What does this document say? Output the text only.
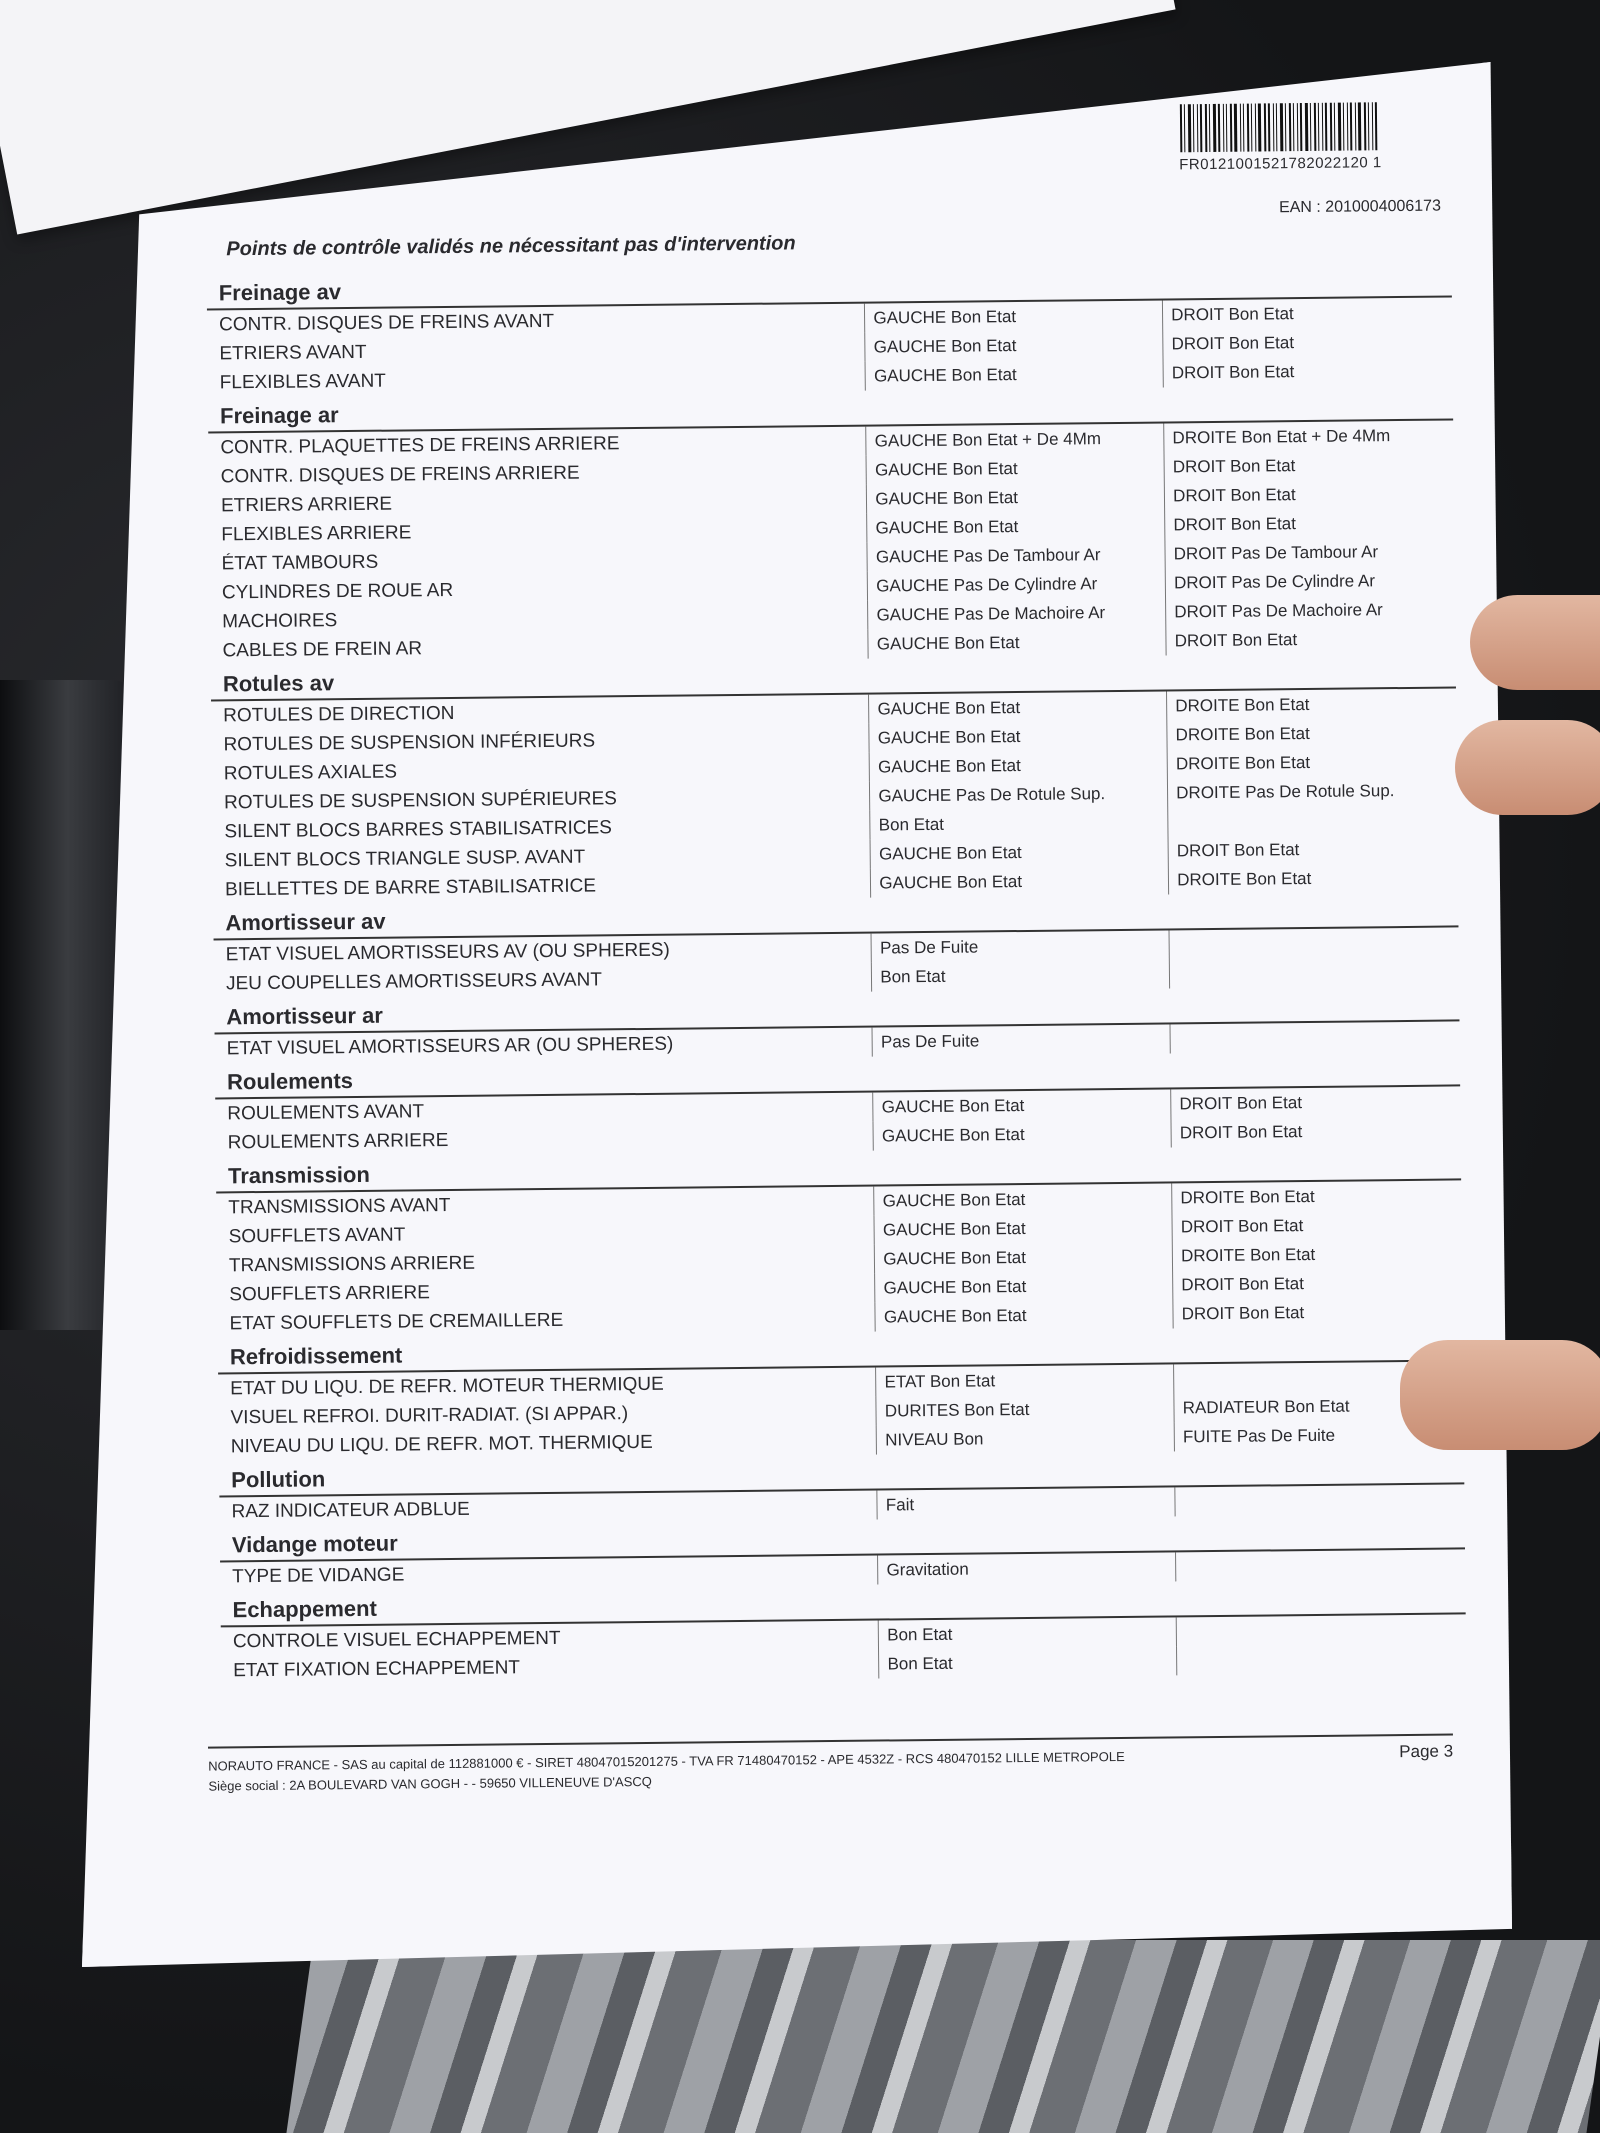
FR0121001521782022120 1
EAN : 2010004006173
Points de contrôle validés ne nécessitant pas d'intervention
Freinage av
CONTR. DISQUES DE FREINS AVANT	GAUCHE Bon Etat	DROIT Bon Etat
ETRIERS AVANT	GAUCHE Bon Etat	DROIT Bon Etat
FLEXIBLES AVANT	GAUCHE Bon Etat	DROIT Bon Etat
Freinage ar
CONTR. PLAQUETTES DE FREINS ARRIERE	GAUCHE Bon Etat + De 4Mm	DROITE Bon Etat + De 4Mm
CONTR. DISQUES DE FREINS ARRIERE	GAUCHE Bon Etat	DROIT Bon Etat
ETRIERS ARRIERE	GAUCHE Bon Etat	DROIT Bon Etat
FLEXIBLES ARRIERE	GAUCHE Bon Etat	DROIT Bon Etat
ÉTAT TAMBOURS	GAUCHE Pas De Tambour Ar	DROIT Pas De Tambour Ar
CYLINDRES DE ROUE AR	GAUCHE Pas De Cylindre Ar	DROIT Pas De Cylindre Ar
MACHOIRES	GAUCHE Pas De Machoire Ar	DROIT Pas De Machoire Ar
CABLES DE FREIN AR	GAUCHE Bon Etat	DROIT Bon Etat
Rotules av
ROTULES DE DIRECTION	GAUCHE Bon Etat	DROITE Bon Etat
ROTULES DE SUSPENSION INFÉRIEURS	GAUCHE Bon Etat	DROITE Bon Etat
ROTULES AXIALES	GAUCHE Bon Etat	DROITE Bon Etat
ROTULES DE SUSPENSION SUPÉRIEURES	GAUCHE Pas De Rotule Sup.	DROITE Pas De Rotule Sup.
SILENT BLOCS BARRES STABILISATRICES	Bon Etat
SILENT BLOCS TRIANGLE SUSP. AVANT	GAUCHE Bon Etat	DROIT Bon Etat
BIELLETTES DE BARRE STABILISATRICE	GAUCHE Bon Etat	DROITE Bon Etat
Amortisseur av
ETAT VISUEL AMORTISSEURS AV (OU SPHERES)	Pas De Fuite
JEU COUPELLES AMORTISSEURS AVANT	Bon Etat
Amortisseur ar
ETAT VISUEL AMORTISSEURS AR (OU SPHERES)	Pas De Fuite
Roulements
ROULEMENTS AVANT	GAUCHE Bon Etat	DROIT Bon Etat
ROULEMENTS ARRIERE	GAUCHE Bon Etat	DROIT Bon Etat
Transmission
TRANSMISSIONS AVANT	GAUCHE Bon Etat	DROITE Bon Etat
SOUFFLETS AVANT	GAUCHE Bon Etat	DROIT Bon Etat
TRANSMISSIONS ARRIERE	GAUCHE Bon Etat	DROITE Bon Etat
SOUFFLETS ARRIERE	GAUCHE Bon Etat	DROIT Bon Etat
ETAT SOUFFLETS DE CREMAILLERE	GAUCHE Bon Etat	DROIT Bon Etat
Refroidissement
ETAT DU LIQU. DE REFR. MOTEUR THERMIQUE	ETAT Bon Etat
VISUEL REFROI. DURIT-RADIAT. (SI APPAR.)	DURITES Bon Etat	RADIATEUR Bon Etat
NIVEAU DU LIQU. DE REFR. MOT. THERMIQUE	NIVEAU Bon	FUITE Pas De Fuite
Pollution
RAZ INDICATEUR ADBLUE	Fait
Vidange moteur
TYPE DE VIDANGE	Gravitation
Echappement
CONTROLE VISUEL ECHAPPEMENT	Bon Etat
ETAT FIXATION ECHAPPEMENT	Bon Etat
NORAUTO FRANCE - SAS au capital de 112881000 € - SIRET 48047015201275 - TVA FR 71480470152 - APE 4532Z - RCS 480470152 LILLE METROPOLE
Siège social : 2A BOULEVARD VAN GOGH - - 59650 VILLENEUVE D'ASCQ
Page 3
